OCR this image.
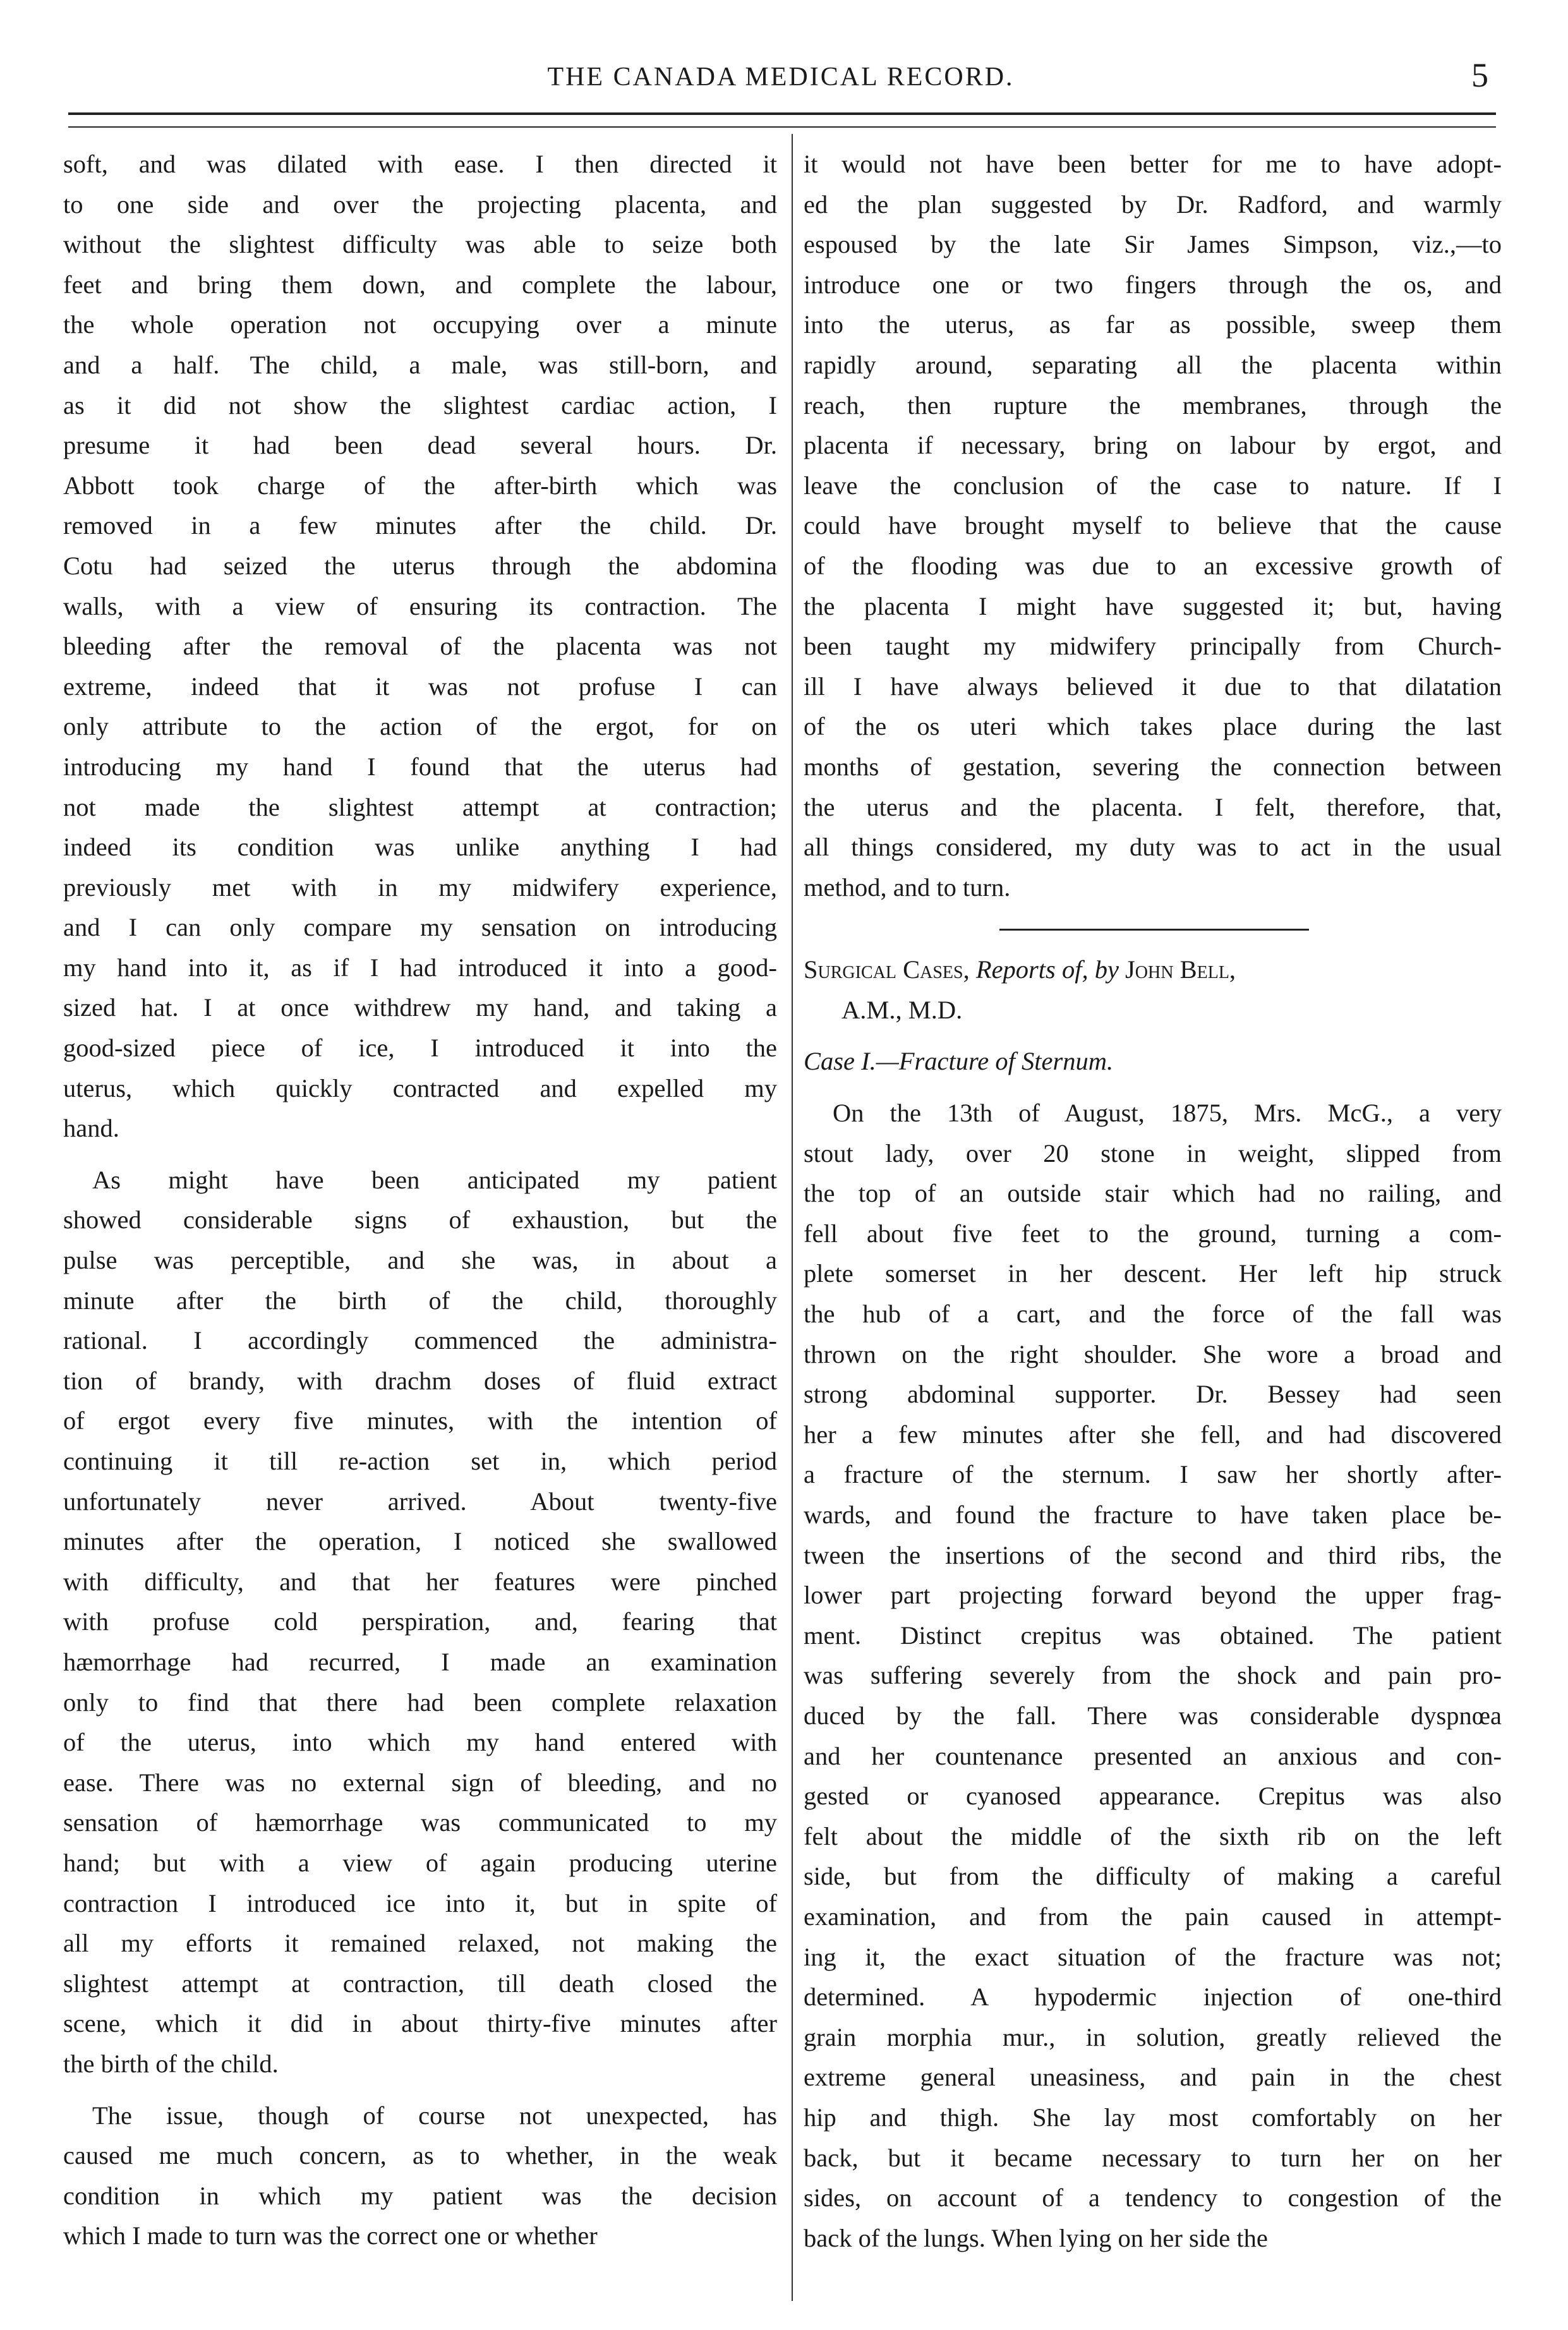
THE CANADA MEDICAL RECORD.	5
soft, and was dilated with ease. I then directed it
to one side and over the projecting placenta, and
without the slightest difficulty was able to seize both
feet and bring them down, and complete the labour,
the whole operation not occupying over a minute
and a half. The child, a male, was still-born, and
as it did not show the slightest cardiac action, I
presume it had been dead several hours. Dr.
Abbott took charge of the after-birth which was
removed in a few minutes after the child. Dr.
Cotu had seized the uterus through the abdomina
walls, with a view of ensuring its contraction. The
bleeding after the removal of the placenta was not
extreme, indeed that it was not profuse I can
only attribute to the action of the ergot, for on
introducing my hand I found that the uterus had
not made the slightest attempt at contraction;
indeed its condition was unlike anything I had
previously met with in my midwifery experience,
and I can only compare my sensation on introducing
my hand into it, as if I had introduced it into a good-
sized hat. I at once withdrew my hand, and taking a
good-sized piece of ice, I introduced it into the
uterus, which quickly contracted and expelled my
hand.
As might have been anticipated my patient
showed considerable signs of exhaustion, but the
pulse was perceptible, and she was, in about a
minute after the birth of the child, thoroughly
rational. I accordingly commenced the administra-
tion of brandy, with drachm doses of fluid extract
of ergot every five minutes, with the intention of
continuing it till re-action set in, which period
unfortunately never arrived. About twenty-five
minutes after the operation, I noticed she swallowed
with difficulty, and that her features were pinched
with profuse cold perspiration, and, fearing that
hæmorrhage had recurred, I made an examination
only to find that there had been complete relaxation
of the uterus, into which my hand entered with
ease. There was no external sign of bleeding, and no
sensation of hæmorrhage was communicated to my
hand; but with a view of again producing uterine
contraction I introduced ice into it, but in spite of
all my efforts it remained relaxed, not making the
slightest attempt at contraction, till death closed the
scene, which it did in about thirty-five minutes after
the birth of the child.
The issue, though of course not unexpected, has
caused me much concern, as to whether, in the weak
condition in which my patient was the decision
which I made to turn was the correct one or whether
it would not have been better for me to have adopt-
ed the plan suggested by Dr. Radford, and warmly
espoused by the late Sir James Simpson, viz.,—to
introduce one or two fingers through the os, and
into the uterus, as far as possible, sweep them
rapidly around, separating all the placenta within
reach, then rupture the membranes, through the
placenta if necessary, bring on labour by ergot, and
leave the conclusion of the case to nature. If I
could have brought myself to believe that the cause
of the flooding was due to an excessive growth of
the placenta I might have suggested it; but, having
been taught my midwifery principally from Church-
ill I have always believed it due to that dilatation
of the os uteri which takes place during the last
months of gestation, severing the connection between
the uterus and the placenta. I felt, therefore, that,
all things considered, my duty was to act in the usual
method, and to turn.
Surgical Cases, Reports of, by John Bell,
A.M., M.D.
Case I.—Fracture of Sternum.
On the 13th of August, 1875, Mrs. McG., a very
stout lady, over 20 stone in weight, slipped from
the top of an outside stair which had no railing, and
fell about five feet to the ground, turning a com-
plete somerset in her descent. Her left hip struck
the hub of a cart, and the force of the fall was
thrown on the right shoulder. She wore a broad and
strong abdominal supporter. Dr. Bessey had seen
her a few minutes after she fell, and had discovered
a fracture of the sternum. I saw her shortly after-
wards, and found the fracture to have taken place be-
tween the insertions of the second and third ribs, the
lower part projecting forward beyond the upper frag-
ment. Distinct crepitus was obtained. The patient
was suffering severely from the shock and pain pro-
duced by the fall. There was considerable dyspnœa
and her countenance presented an anxious and con-
gested or cyanosed appearance. Crepitus was also
felt about the middle of the sixth rib on the left
side, but from the difficulty of making a careful
examination, and from the pain caused in attempt-
ing it, the exact situation of the fracture was not;
determined. A hypodermic injection of one-third
grain morphia mur., in solution, greatly relieved the
extreme general uneasiness, and pain in the chest
hip and thigh. She lay most comfortably on her
back, but it became necessary to turn her on her
sides, on account of a tendency to congestion of the
back of the lungs. When lying on her side the
